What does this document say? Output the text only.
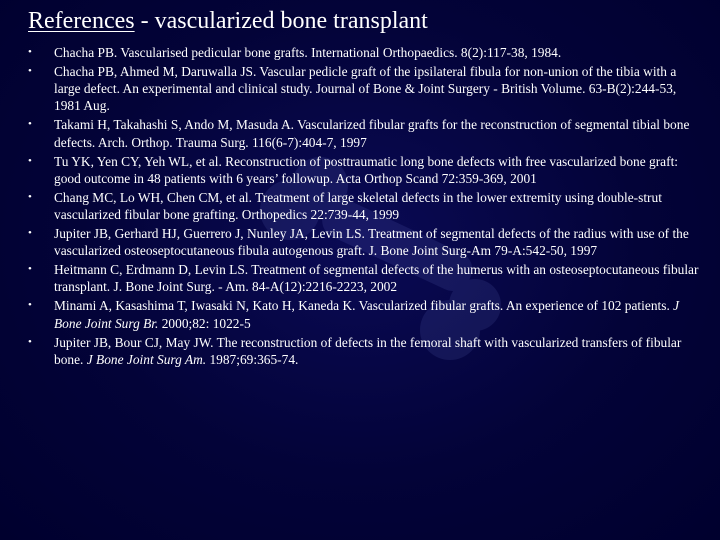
References - vascularized bone transplant
• Chacha PB. Vascularised pedicular bone grafts. International Orthopaedics. 8(2):117-38, 1984.
• Chacha PB, Ahmed M, Daruwalla JS. Vascular pedicle graft of the ipsilateral fibula for non-union of the tibia with a large defect. An experimental and clinical study. Journal of Bone & Joint Surgery - British Volume. 63-B(2):244-53, 1981 Aug.
• Takami H, Takahashi S, Ando M, Masuda A. Vascularized fibular grafts for the reconstruction of segmental tibial bone defects. Arch. Orthop. Trauma Surg. 116(6-7):404-7, 1997
• Tu YK, Yen CY, Yeh WL, et al. Reconstruction of posttraumatic long bone defects with free vascularized bone graft: good outcome in 48 patients with 6 years’ followup. Acta Orthop Scand 72:359-369, 2001
• Chang MC, Lo WH, Chen CM, et al. Treatment of large skeletal defects in the lower extremity using double-strut vascularized fibular bone grafting. Orthopedics 22:739-44, 1999
• Jupiter JB, Gerhard HJ, Guerrero J, Nunley JA, Levin LS. Treatment of segmental defects of the radius with use of the vascularized osteoseptocutaneous fibula autogenous graft. J. Bone Joint Surg-Am 79-A:542-50, 1997
• Heitmann C, Erdmann D, Levin LS. Treatment of segmental defects of the humerus with an osteoseptocutaneous fibular transplant. J. Bone Joint Surg. - Am. 84-A(12):2216-2223, 2002
• Minami A, Kasashima T, Iwasaki N, Kato H, Kaneda K. Vascularized fibular grafts. An experience of 102 patients. J Bone Joint Surg Br. 2000;82: 1022-5
• Jupiter JB, Bour CJ, May JW. The reconstruction of defects in the femoral shaft with vascularized transfers of fibular bone. J Bone Joint Surg Am. 1987;69:365-74.
